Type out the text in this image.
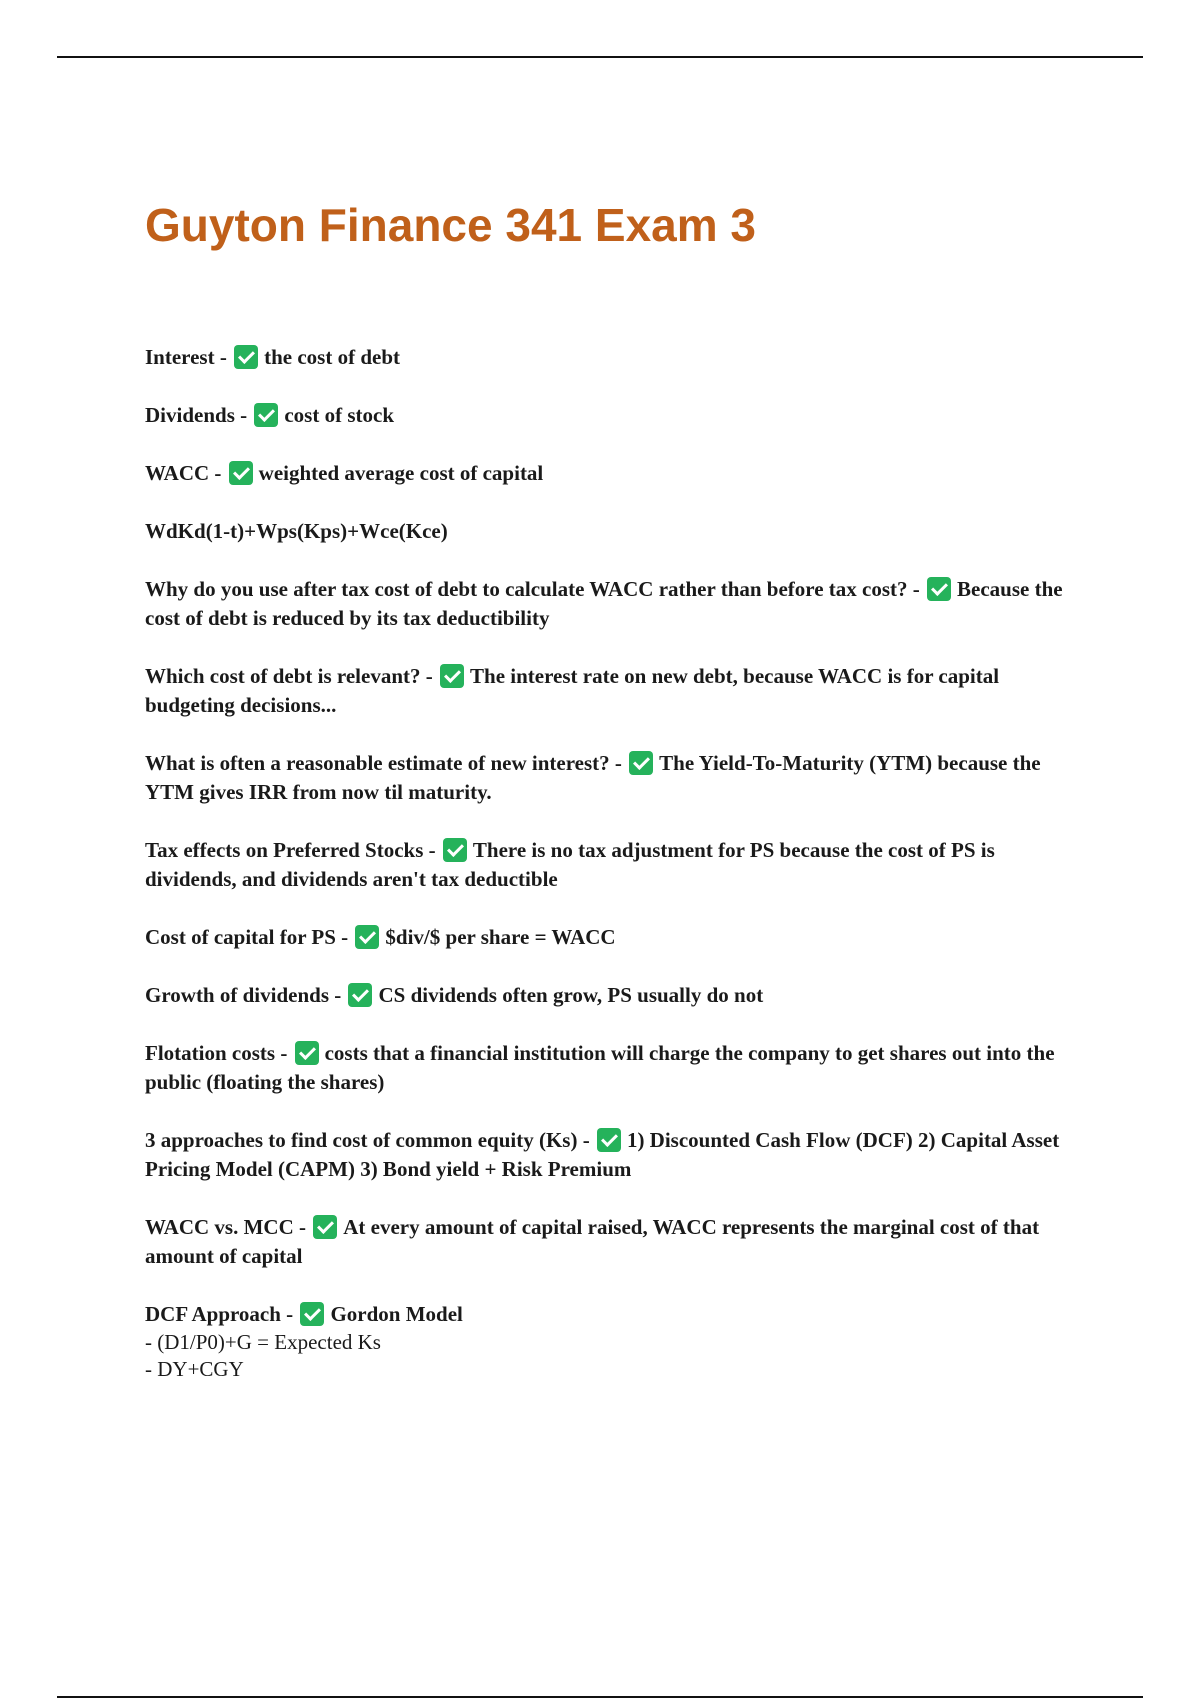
Guyton Finance 341 Exam 3

Interest - the cost of debt

Dividends - cost of stock

WACC - weighted average cost of capital

WdKd(1-t)+Wps(Kps)+Wce(Kce)

Why do you use after tax cost of debt to calculate WACC rather than before tax cost? - Because the cost of debt is reduced by its tax deductibility

Which cost of debt is relevant? - The interest rate on new debt, because WACC is for capital budgeting decisions...

What is often a reasonable estimate of new interest? - The Yield-To-Maturity (YTM) because the YTM gives IRR from now til maturity.

Tax effects on Preferred Stocks - There is no tax adjustment for PS because the cost of PS is dividends, and dividends aren't tax deductible

Cost of capital for PS - $div/$ per share = WACC

Growth of dividends - CS dividends often grow, PS usually do not

Flotation costs - costs that a financial institution will charge the company to get shares out into the public (floating the shares)

3 approaches to find cost of common equity (Ks) - 1) Discounted Cash Flow (DCF) 2) Capital Asset Pricing Model (CAPM) 3) Bond yield + Risk Premium

WACC vs. MCC - At every amount of capital raised, WACC represents the marginal cost of that amount of capital

DCF Approach - Gordon Model
- (D1/P0)+G = Expected Ks
- DY+CGY
